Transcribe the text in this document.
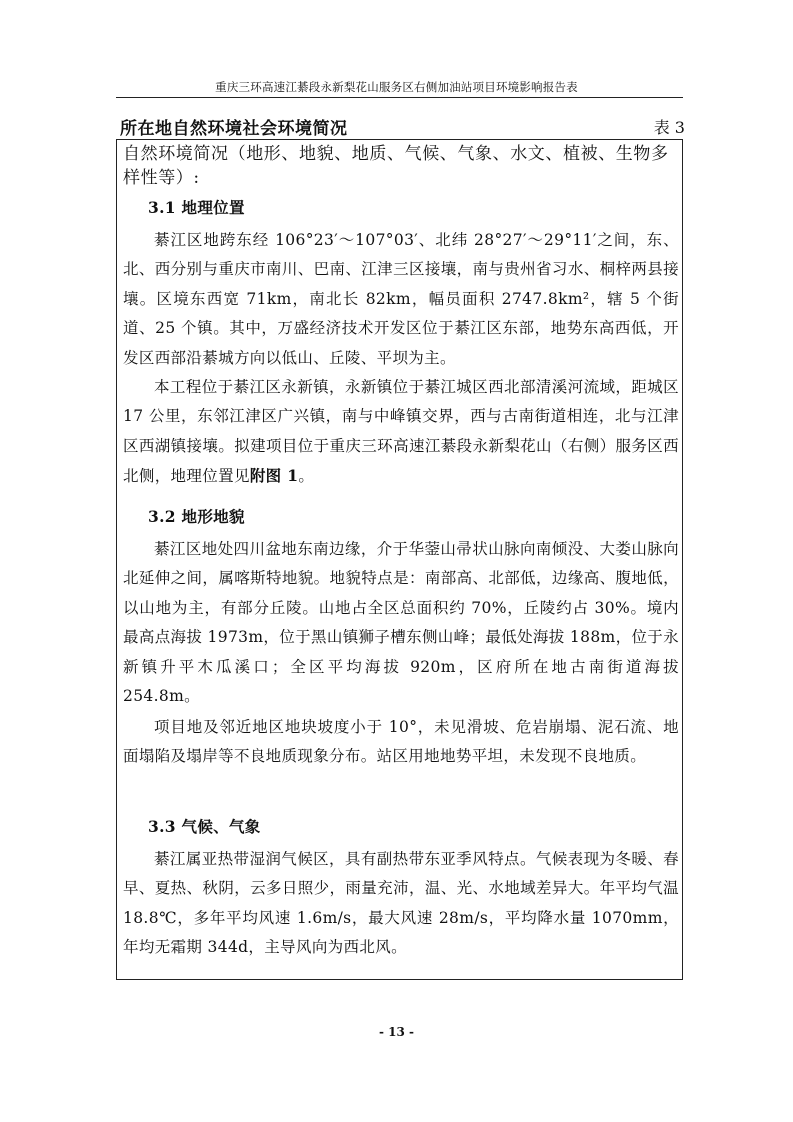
重庆三环高速江綦段永新梨花山服务区右侧加油站项目环境影响报告表
所在地自然环境社会环境简况	表 3
自然环境简况（地形、地貌、地质、气候、气象、水文、植被、生物多样性等）:
3.1 地理位置

綦江区地跨东经 106°23′～107°03′、北纬 28°27′～29°11′之间，东、北、西分别与重庆市南川、巴南、江津三区接壤，南与贵州省习水、桐梓两县接壤。区境东西宽 71km，南北长 82km，幅员面积 2747.8km²，辖 5 个街道、25 个镇。其中，万盛经济技术开发区位于綦江区东部，地势东高西低，开发区西部沿綦城方向以低山、丘陵、平坝为主。

本工程位于綦江区永新镇，永新镇位于綦江城区西北部清溪河流域，距城区 17 公里，东邻江津区广兴镇，南与中峰镇交界，西与古南街道相连，北与江津区西湖镇接壤。拟建项目位于重庆三环高速江綦段永新梨花山（右侧）服务区西北侧，地理位置见附图 1。

3.2 地形地貌

綦江区地处四川盆地东南边缘，介于华蓥山帚状山脉向南倾没、大娄山脉向北延伸之间，属喀斯特地貌。地貌特点是：南部高、北部低，边缘高、腹地低，以山地为主，有部分丘陵。山地占全区总面积约 70%，丘陵约占 30%。境内最高点海拔 1973m，位于黑山镇狮子槽东侧山峰；最低处海拔 188m，位于永新镇升平木瓜溪口；全区平均海拔 920m，区府所在地古南街道海拔 254.8m。

项目地及邻近地区地块坡度小于 10°，未见滑坡、危岩崩塌、泥石流、地面塌陷及塌岸等不良地质现象分布。站区用地地势平坦，未发现不良地质。

3.3 气候、气象

綦江属亚热带湿润气候区，具有副热带东亚季风特点。气候表现为冬暖、春早、夏热、秋阴，云多日照少，雨量充沛，温、光、水地域差异大。年平均气温 18.8℃，多年平均风速 1.6m/s，最大风速 28m/s，平均降水量 1070mm，年均无霜期 344d，主导风向为西北风。

- 13 -
